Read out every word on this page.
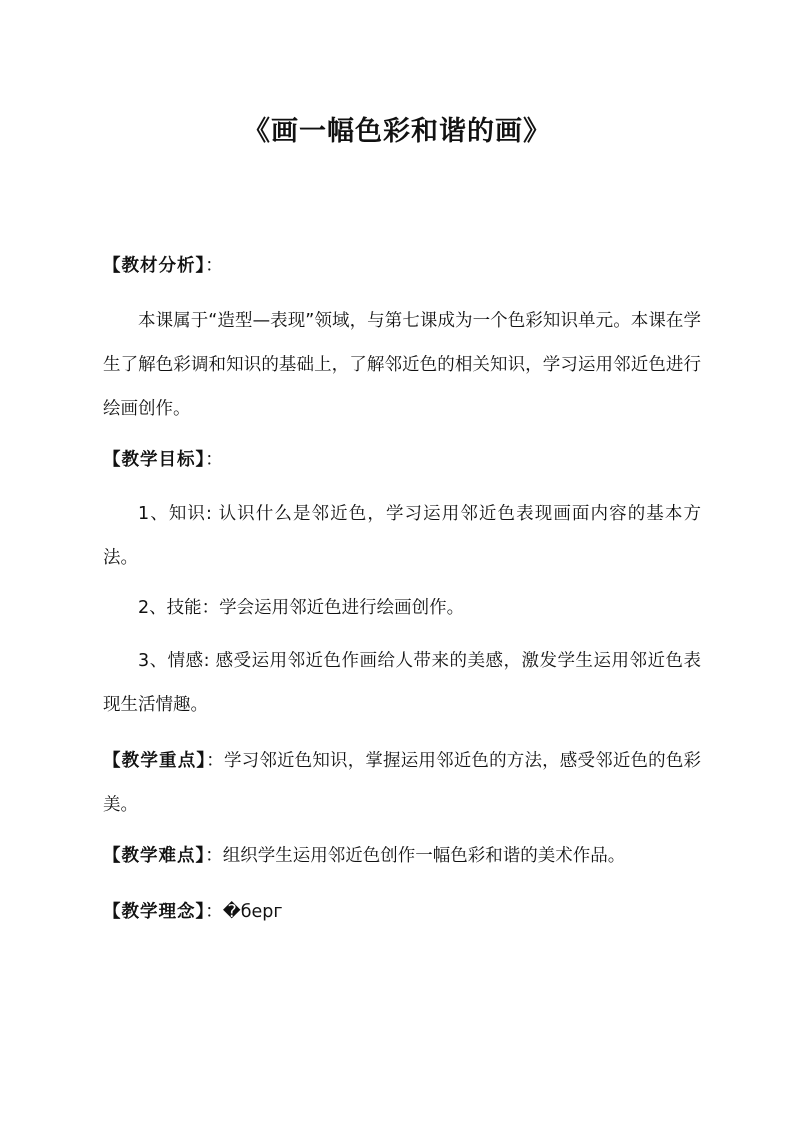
《画一幅色彩和谐的画》
【教材分析】：
本课属于“造型—表现”领域，与第七课成为一个色彩知识单元。本课在学生了解色彩调和知识的基础上，了解邻近色的相关知识，学习运用邻近色进行绘画创作。
【教学目标】：
1、知识: 认识什么是邻近色，学习运用邻近色表现画面内容的基本方法。
2、技能：学会运用邻近色进行绘画创作。
3、情感: 感受运用邻近色作画给人带来的美感，激发学生运用邻近色表现生活情趣。
【教学重点】：学习邻近色知识，掌握运用邻近色的方法，感受邻近色的色彩美。
【教学难点】：组织学生运用邻近色创作一幅色彩和谐的美术作品。
【教学理念】：�берг
